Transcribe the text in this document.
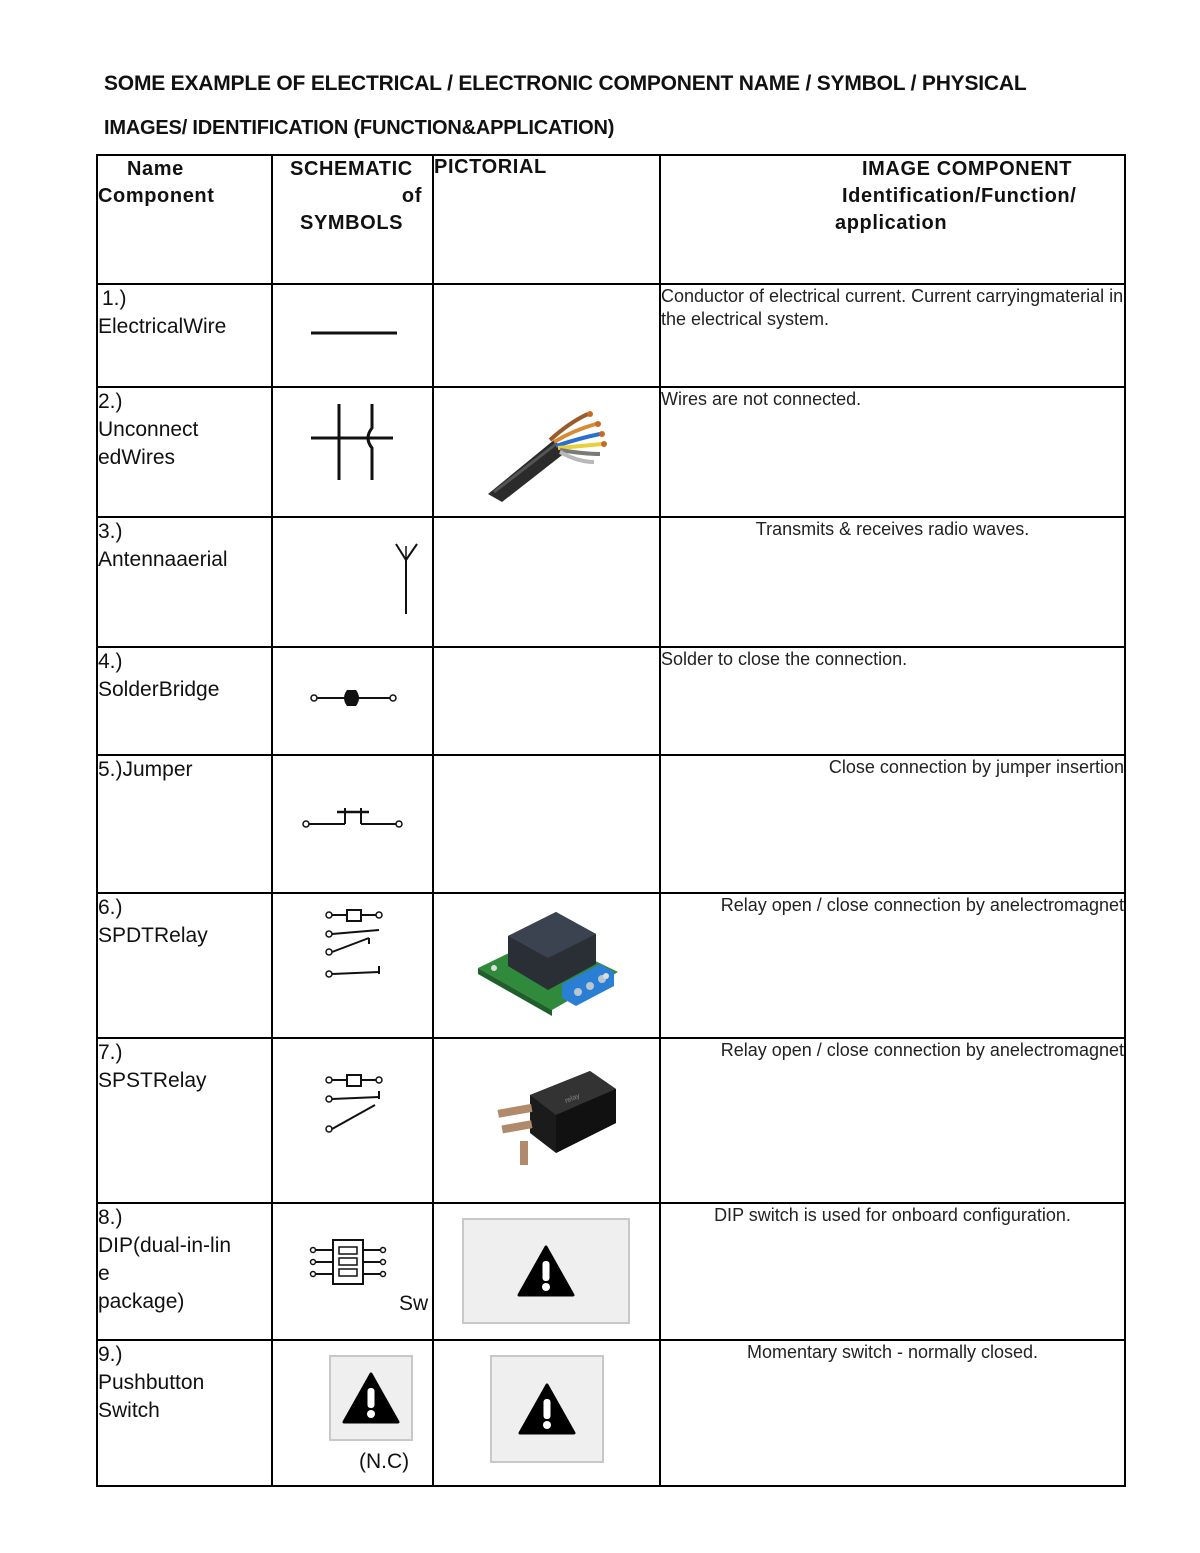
SOME EXAMPLE OF ELECTRICAL / ELECTRONIC COMPONENT NAME / SYMBOL / PHYSICAL
IMAGES/ IDENTIFICATION (FUNCTION&APPLICATION)
Name
Component	SCHEMATIC
of
SYMBOLS	PICTORIAL	IMAGE COMPONENT
Identification/Function/
application

1.)
ElectricalWire			Conductor of electrical current. Current carryingmaterial in the electrical system.

2.)
Unconnect
edWires			Wires are not connected.

3.)
Antennaaerial			Transmits & receives radio waves.

4.)
SolderBridge			Solder to close the connection.

5.)Jumper			Close connection by jumper insertion

6.)
SPDTRelay			Relay open / close connection by anelectromagnet

7.)
SPSTRelay		relay	Relay open / close connection by anelectromagnet

8.)
DIP(dual-in-lin
e
package)	Sw		DIP switch is used for onboard configuration.

9.)
Pushbutton
Switch	(N.C)		Momentary switch - normally closed.
